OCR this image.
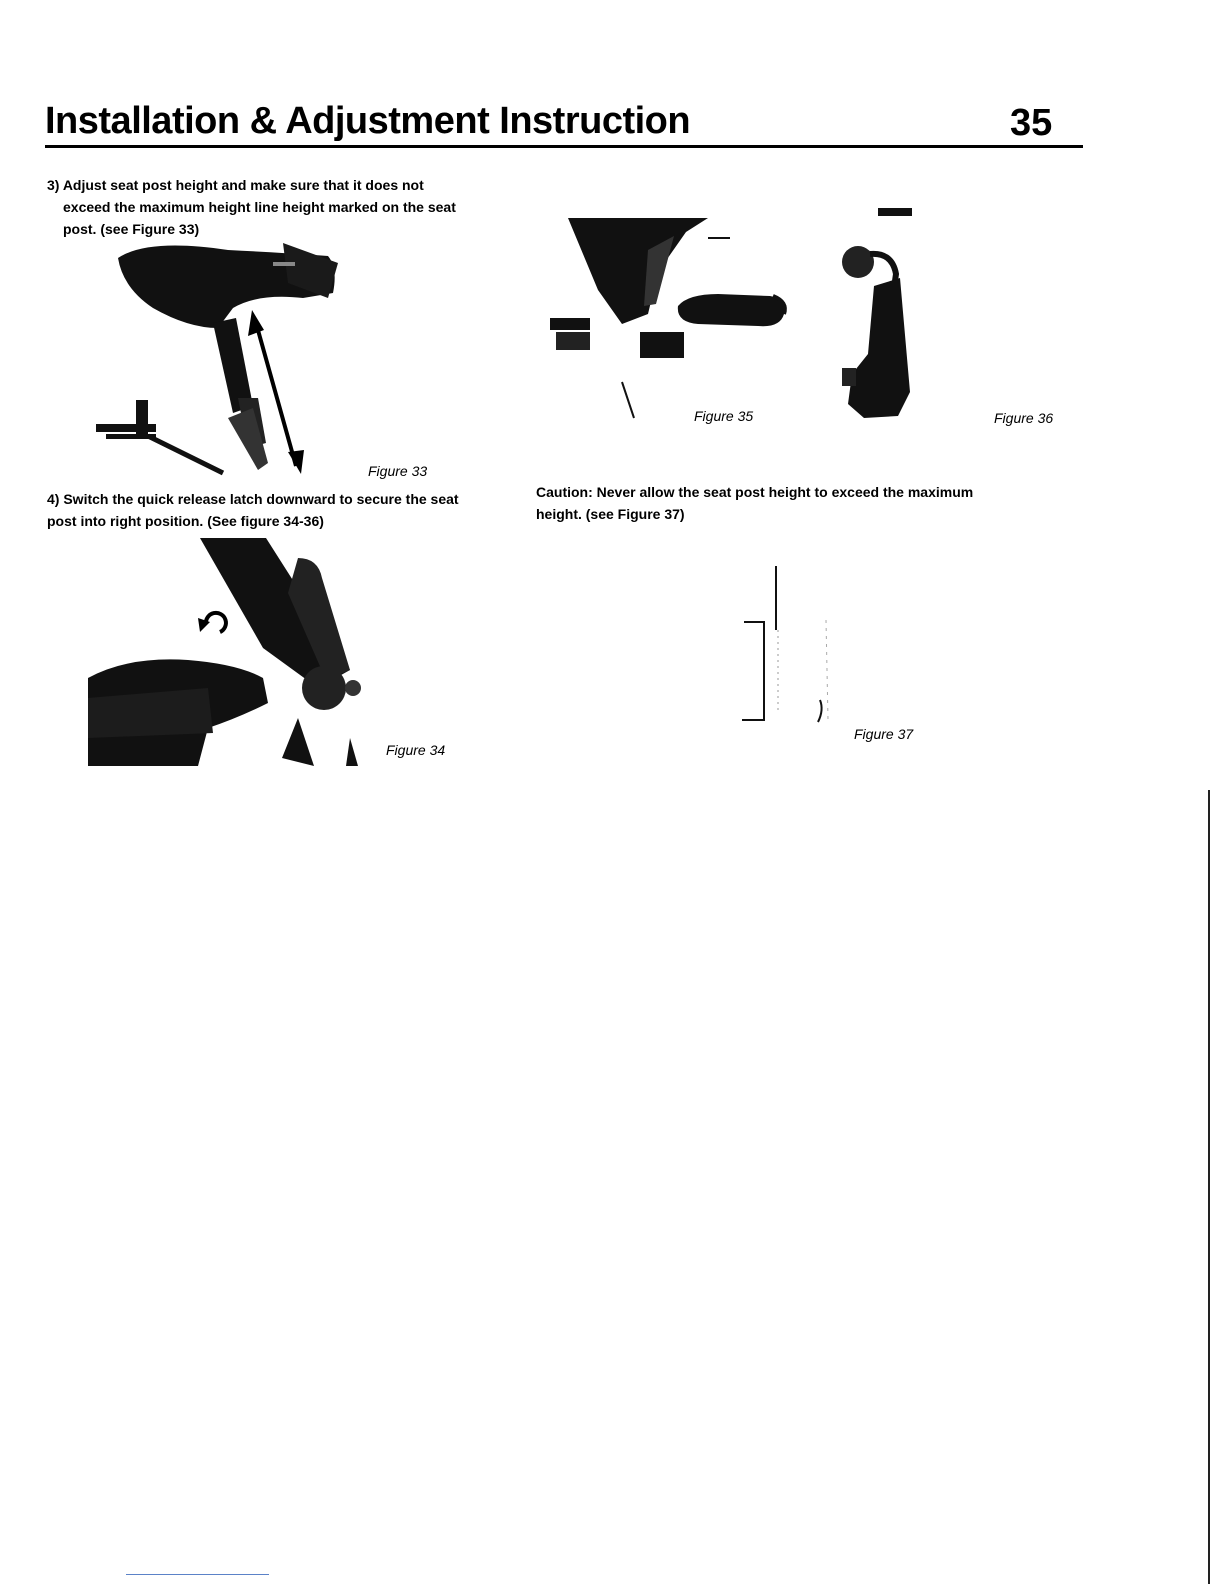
Installation & Adjustment Instruction	35
3) Adjust seat post height and make sure that it does not
exceed the maximum height line height marked on the seat
post. (see Figure 33)
Figure 33
4) Switch the quick release latch downward to secure the seat
post into right position. (See figure 34-36)
Figure 34
Figure 35	Figure 36
Caution: Never allow the seat post height to exceed the maximum
height. (see Figure 37)
Figure 37
